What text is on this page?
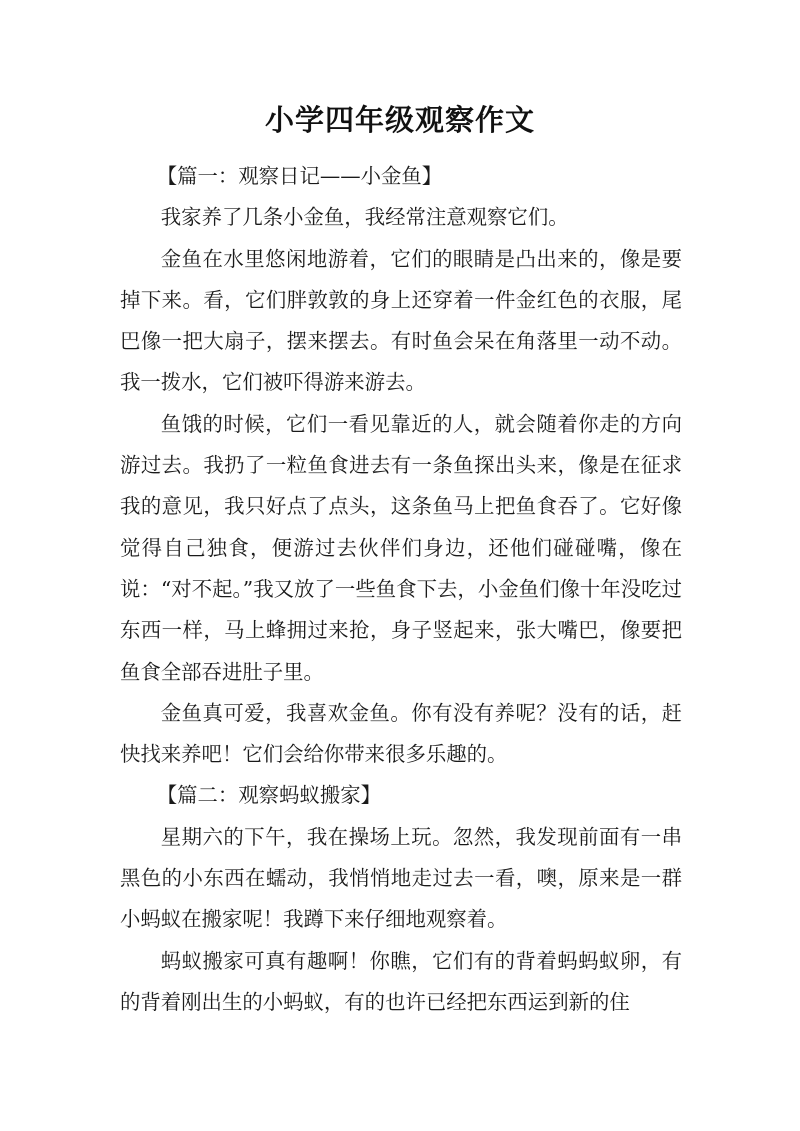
小学四年级观察作文

【篇一：观察日记——小金鱼】

我家养了几条小金鱼，我经常注意观察它们。

金鱼在水里悠闲地游着，它们的眼睛是凸出来的，像是要掉下来。看，它们胖敦敦的身上还穿着一件金红色的衣服，尾巴像一把大扇子，摆来摆去。有时鱼会呆在角落里一动不动。我一拨水，它们被吓得游来游去。

鱼饿的时候，它们一看见靠近的人，就会随着你走的方向游过去。我扔了一粒鱼食进去有一条鱼探出头来，像是在征求我的意见，我只好点了点头，这条鱼马上把鱼食吞了。它好像觉得自己独食，便游过去伙伴们身边，还他们碰碰嘴，像在说：“对不起。”我又放了一些鱼食下去，小金鱼们像十年没吃过东西一样，马上蜂拥过来抢，身子竖起来，张大嘴巴，像要把鱼食全部吞进肚子里。

金鱼真可爱，我喜欢金鱼。你有没有养呢？没有的话，赶快找来养吧！它们会给你带来很多乐趣的。

【篇二：观察蚂蚁搬家】

星期六的下午，我在操场上玩。忽然，我发现前面有一串黑色的小东西在蠕动，我悄悄地走过去一看，噢，原来是一群小蚂蚁在搬家呢！我蹲下来仔细地观察着。

蚂蚁搬家可真有趣啊！你瞧，它们有的背着蚂蚂蚁卵，有的背着刚出生的小蚂蚁，有的也许已经把东西运到新的住
